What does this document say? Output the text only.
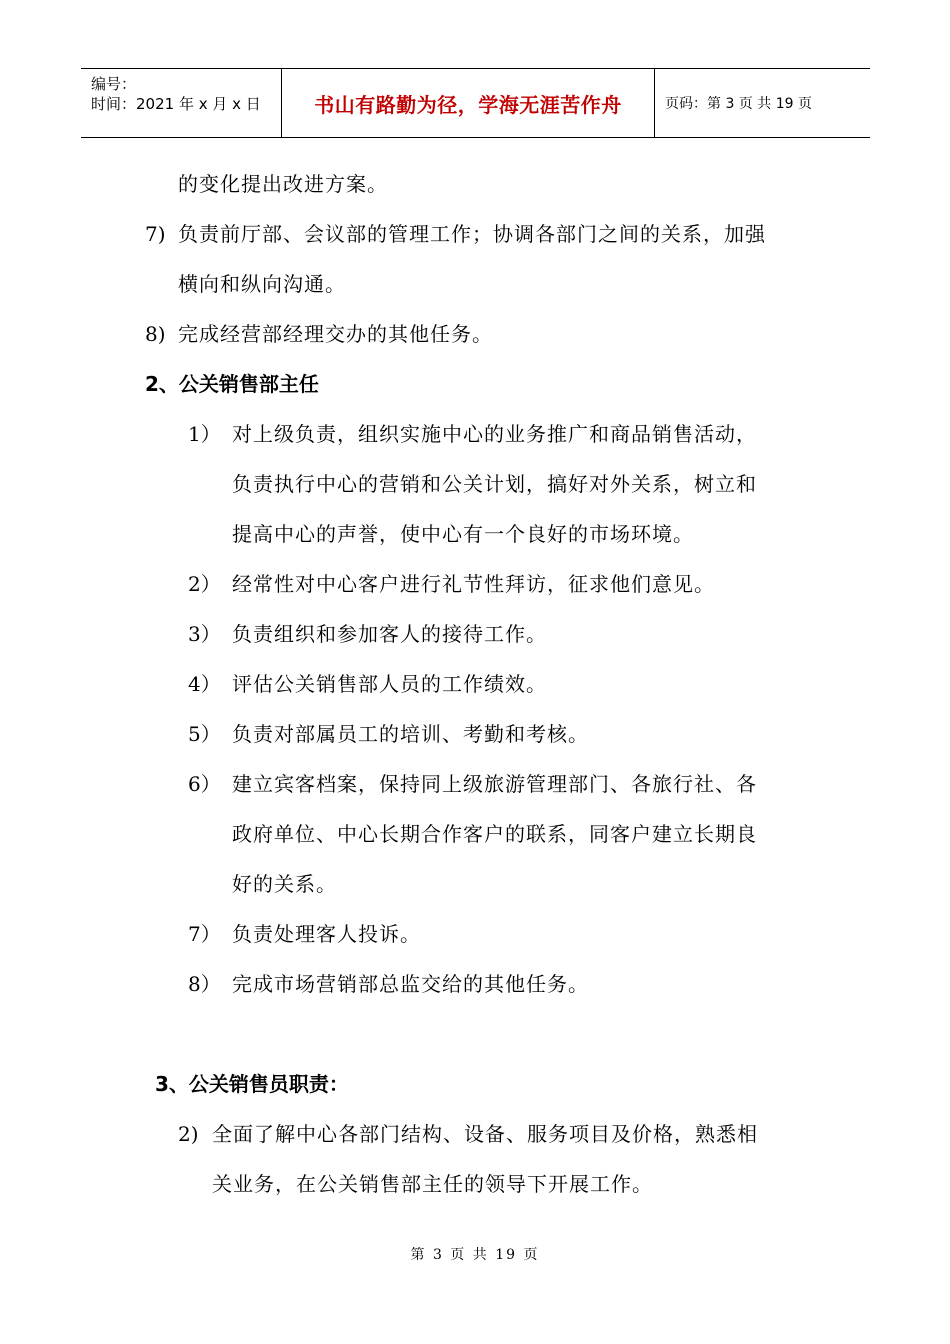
编号：
时间：2021 年 x 月 x 日	书山有路勤为径，学海无涯苦作舟	页码：第 3 页 共 19 页
的变化提出改进方案。
7) 负责前厅部、会议部的管理工作；协调各部门之间的关系，加强
横向和纵向沟通。
8) 完成经营部经理交办的其他任务。
2、公关销售部主任
1） 对上级负责，组织实施中心的业务推广和商品销售活动，
负责执行中心的营销和公关计划，搞好对外关系，树立和
提高中心的声誉，使中心有一个良好的市场环境。
2） 经常性对中心客户进行礼节性拜访，征求他们意见。
3） 负责组织和参加客人的接待工作。
4） 评估公关销售部人员的工作绩效。
5） 负责对部属员工的培训、考勤和考核。
6） 建立宾客档案，保持同上级旅游管理部门、各旅行社、各
政府单位、中心长期合作客户的联系，同客户建立长期良
好的关系。
7） 负责处理客人投诉。
8） 完成市场营销部总监交给的其他任务。
3、公关销售员职责：
2) 全面了解中心各部门结构、设备、服务项目及价格，熟悉相
关业务，在公关销售部主任的领导下开展工作。
第 3 页 共 19 页
